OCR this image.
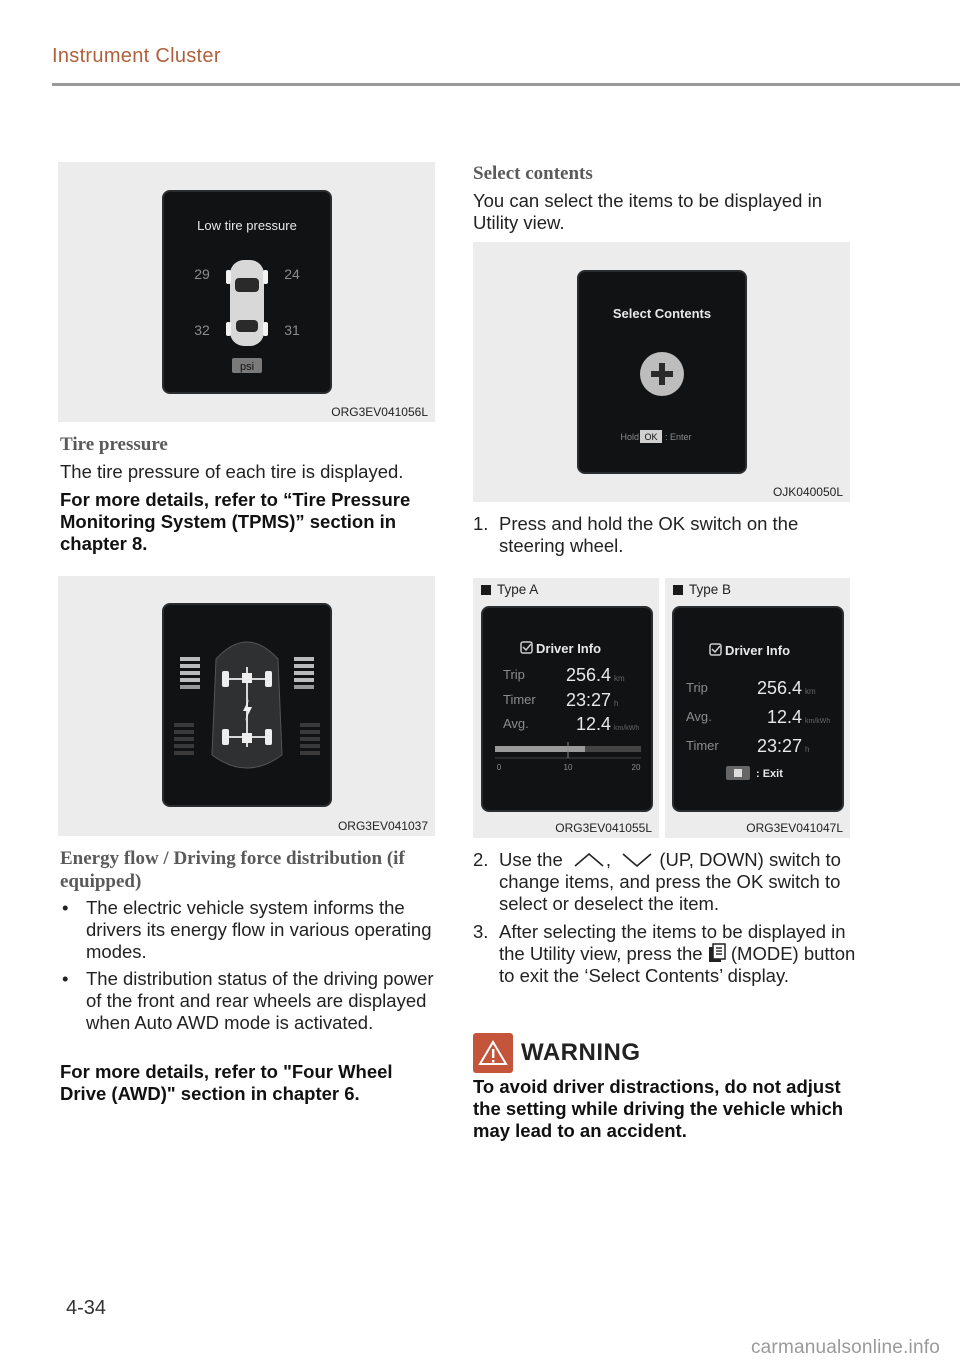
Instrument Cluster
Low tire pressure
29	24
32	31
psi
ORG3EV041056L
Tire pressure
The tire pressure of each tire is displayed.
For more details, refer to “Tire Pressure Monitoring System (TPMS)” section in chapter 8.
ORG3EV041037
Energy flow / Driving force distribution (if equipped)
• The electric vehicle system informs the drivers its energy flow in various operating modes.
• The distribution status of the driving power of the front and rear wheels are displayed when Auto AWD mode is activated.
For more details, refer to "Four Wheel Drive (AWD)" section in chapter 6.
Select contents
You can select the items to be displayed in Utility view.
Select Contents
Hold OK : Enter
OJK040050L
1. Press and hold the OK switch on the steering wheel.
Type A
Driver Info
Trip 256.4 km
Timer 23:27 h
Avg.	12.4 km/kWh
0	10	20
ORG3EV041055L
Type B
Driver Info
Trip	256.4 km
Avg.	12.4 km/kWh
Timer 23:27 h
: Exit
ORG3EV041047L
2. Use the ,	(UP, DOWN) switch to change items, and press the OK switch to select or deselect the item.
3. After selecting the items to be displayed in the Utility view, press the (MODE) button to exit the ‘Select Contents’ display.
WARNING
To avoid driver distractions, do not adjust the setting while driving the vehicle which may lead to an accident.
4-34
carmanualsonline.info
